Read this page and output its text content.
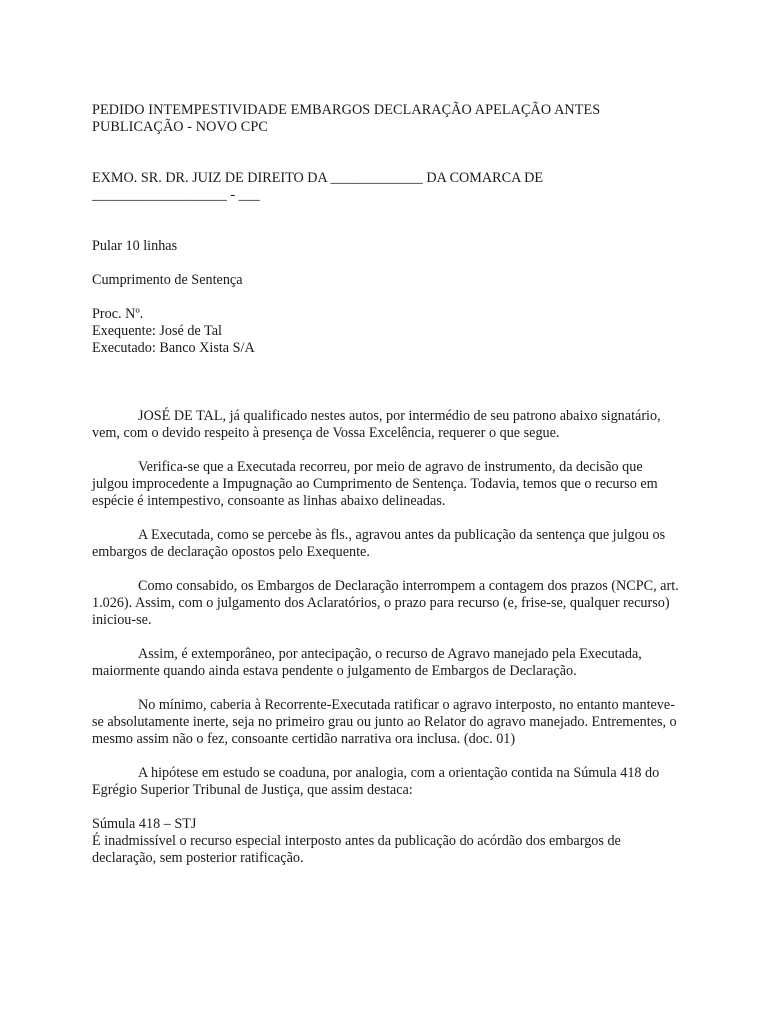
PEDIDO INTEMPESTIVIDADE EMBARGOS DECLARAÇÃO APELAÇÃO ANTES
PUBLICAÇÃO - NOVO CPC
EXMO. SR. DR. JUIZ DE DIREITO DA _____________ DA COMARCA DE
___________________ - ___

Pular 10 linhas

Cumprimento de Sentença

Proc. Nº.
Exequente: José de Tal
Executado: Banco Xista S/A

JOSÉ DE TAL, já qualificado nestes autos, por intermédio de seu patrono abaixo signatário, vem, com o devido respeito à presença de Vossa Excelência, requerer o que segue.

Verifica-se que a Executada recorreu, por meio de agravo de instrumento, da decisão que julgou improcedente a Impugnação ao Cumprimento de Sentença. Todavia, temos que o recurso em espécie é intempestivo, consoante as linhas abaixo delineadas.

A Executada, como se percebe às fls., agravou antes da publicação da sentença que julgou os embargos de declaração opostos pelo Exequente.

Como consabido, os Embargos de Declaração interrompem a contagem dos prazos (NCPC, art. 1.026). Assim, com o julgamento dos Aclaratórios, o prazo para recurso (e, frise-se, qualquer recurso) iniciou-se.

Assim, é extemporâneo, por antecipação, o recurso de Agravo manejado pela Executada, maiormente quando ainda estava pendente o julgamento de Embargos de Declaração.

No mínimo, caberia à Recorrente-Executada ratificar o agravo interposto, no entanto manteve-se absolutamente inerte, seja no primeiro grau ou junto ao Relator do agravo manejado. Entrementes, o mesmo assim não o fez, consoante certidão narrativa ora inclusa. (doc. 01)

A hipótese em estudo se coaduna, por analogia, com a orientação contida na Súmula 418 do Egrégio Superior Tribunal de Justiça, que assim destaca:

Súmula 418 – STJ
É inadmissível o recurso especial interposto antes da publicação do acórdão dos embargos de declaração, sem posterior ratificação.
